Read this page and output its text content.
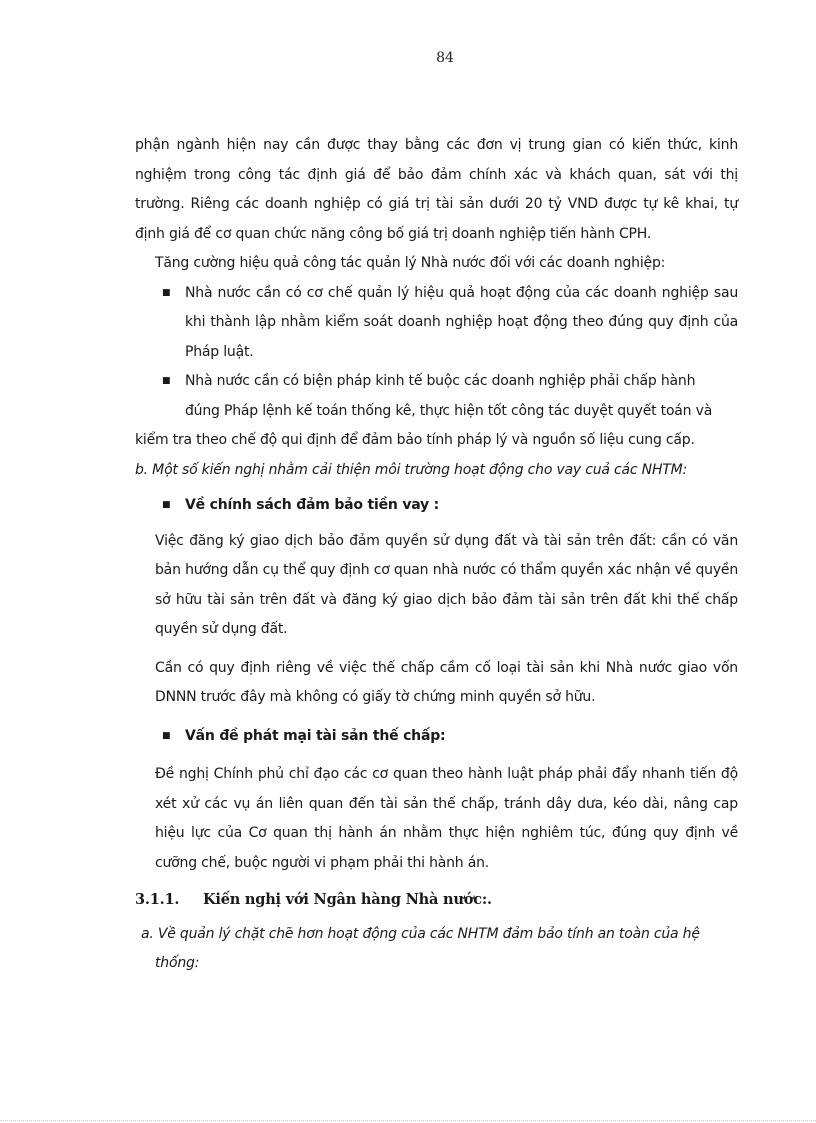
84

phận ngành hiện nay cần được thay bằng các đơn vị trung gian có kiến thức, kinh nghiệm trong công tác định giá để bảo đảm chính xác và khách quan, sát với thị trường. Riêng các doanh nghiệp có giá trị tài sản dưới 20 tỷ VND được tự kê khai, tự định giá để cơ quan chức năng công bố giá trị doanh nghiệp tiến hành CPH.

Tăng cường hiệu quả công tác quản lý Nhà nước đối với các doanh nghiệp:

■ Nhà nước cần có cơ chế quản lý hiệu quả hoạt động của các doanh nghiệp sau khi thành lập nhằm kiểm soát doanh nghiệp hoạt động theo đúng quy định của Pháp luật.
■	Nhà nước cần có biện pháp kinh tế buộc các doanh nghiệp phải chấp hành
đúng Pháp lệnh kế toán thống kê, thực hiện tốt công tác duyệt quyết toán và
kiểm tra theo chế độ qui định để đảm bảo tính pháp lý và nguồn số liệu cung cấp.

b. Một số kiến nghị nhằm cải thiện môi trường hoạt động cho vay cuả các NHTM:

■ Về chính sách đảm bảo tiền vay :

Việc đăng ký giao dịch bảo đảm quyền sử dụng đất và tài sản trên đất: cần có văn bản hướng dẫn cụ thể quy định cơ quan nhà nước có thẩm quyền xác nhận về quyền sở hữu tài sản trên đất và đăng ký giao dịch bảo đảm tài sản trên đất khi thế chấp quyền sử dụng đất.

Cần có quy định riêng về việc thế chấp cầm cố loại tài sản khi Nhà nước giao vốn DNNN trước đây mà không có giấy tờ chứng minh quyền sở hữu.

■ Vấn đề phát mại tài sản thế chấp:

Đề nghị Chính phủ chỉ đạo các cơ quan theo hành luật pháp phải đẩy nhanh tiến độ xét xử các vụ án liên quan đến tài sản thế chấp, tránh dây dưa, kéo dài, nâng cap hiệu lực của Cơ quan thị hành án nhằm thực hiện nghiêm túc, đúng quy định về cưỡng chế, buộc người vi phạm phải thi hành án.

3.1.1. Kiến nghị với Ngân hàng Nhà nước:.
a. Về quản lý chặt chẽ hơn hoạt động của các NHTM đảm bảo tính an toàn của hệ thống:
